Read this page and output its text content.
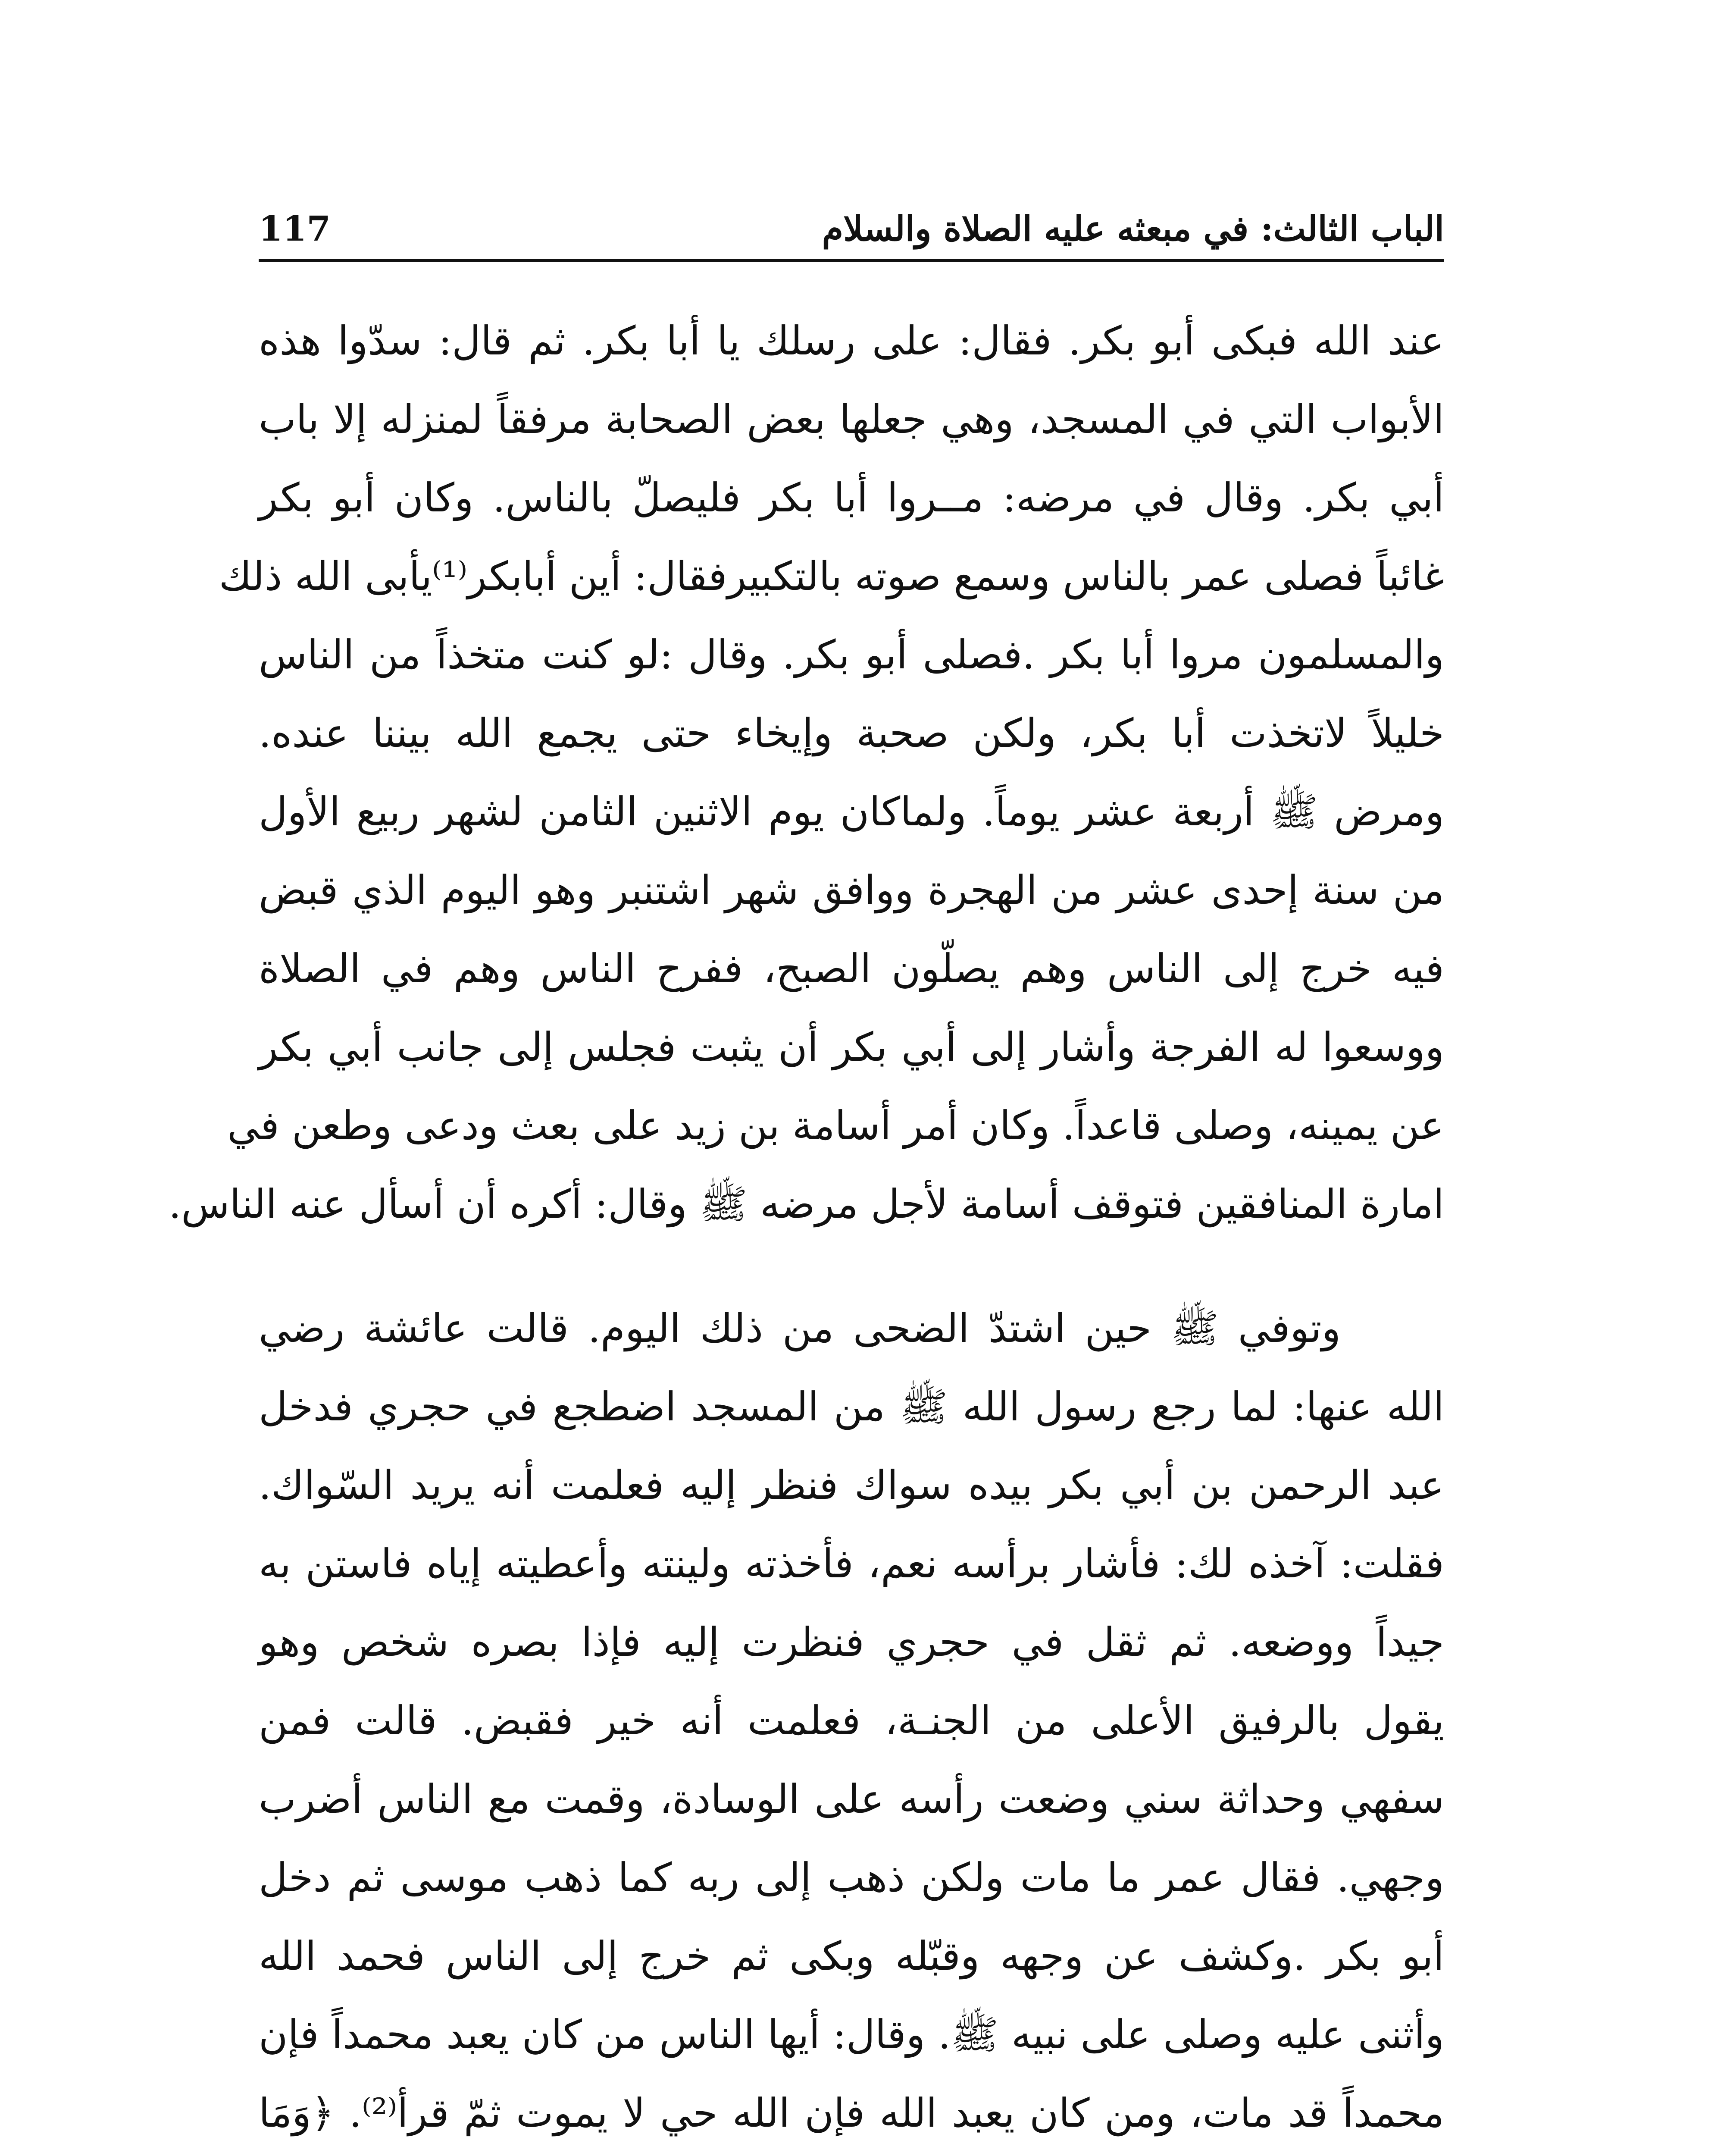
الباب الثالث: في مبعثه عليه الصلاة والسلام
117
عند الله فبكى أبو بكر. فقال: على رسلك يا أبا بكر. ثم قال: سدّوا هذه
الأبواب التي في المسجد، وهي جعلها بعض الصحابة مرفقاً لمنزله إلا باب
أبي بكر. وقال في مرضه: مــروا أبا بكر فليصلّ بالناس. وكان أبو بكر
غائباً فصلى عمر بالناس وسمع صوته بالتكبيرفقال: أين أبابكر⁽¹⁾يأبى الله ذلك
والمسلمون مروا أبا بكر .فصلى أبو بكر. وقال :لو كنت متخذاً من الناس
خليلاً لاتخذت أبا بكر، ولكن صحبة وإيخاء حتى يجمع الله بيننا عنده.
ومرض ﷺ أربعة عشر يوماً. ولماكان يوم الاثنين الثامن لشهر ربيع الأول
من سنة إحدى عشر من الهجرة ووافق شهر اشتنبر وهو اليوم الذي قبض
فيه خرج إلى الناس وهم يصلّون الصبح، ففرح الناس وهم في الصلاة
ووسعوا له الفرجة وأشار إلى أبي بكر أن يثبت فجلس إلى جانب أبي بكر
عن يمينه، وصلى قاعداً. وكان أمر أسامة بن زيد على بعث ودعى وطعن في
امارة المنافقين فتوقف أسامة لأجل مرضه ﷺ وقال: أكره أن أسأل عنه الناس.
وتوفي ﷺ حين اشتدّ الضحى من ذلك اليوم. قالت عائشة رضي
الله عنها: لما رجع رسول الله ﷺ من المسجد اضطجع في حجري فدخل
عبد الرحمن بن أبي بكر بيده سواك فنظر إليه فعلمت أنه يريد السّواك.
فقلت: آخذه لك: فأشار برأسه نعم، فأخذته ولينته وأعطيته إياه فاستن به
جيداً ووضعه. ثم ثقل في حجري فنظرت إليه فإذا بصره شخص وهو
يقول بالرفيق الأعلى من الجنـة، فعلمت أنه خير فقبض. قالت فمن
سفهي وحداثة سني وضعت رأسه على الوسادة، وقمت مع الناس أضرب
وجهي. فقال عمر ما مات ولكن ذهب إلى ربه كما ذهب موسى ثم دخل
أبو بكر .وكشف عن وجهه وقبّله وبكى ثم خرج إلى الناس فحمد الله
وأثنى عليه وصلى على نبيه ﷺ. وقال: أيها الناس من كان يعبد محمداً فإن
محمداً قد مات، ومن كان يعبد الله فإن الله حي لا يموت ثمّ قرأ⁽²⁾. ﴿وَمَا
